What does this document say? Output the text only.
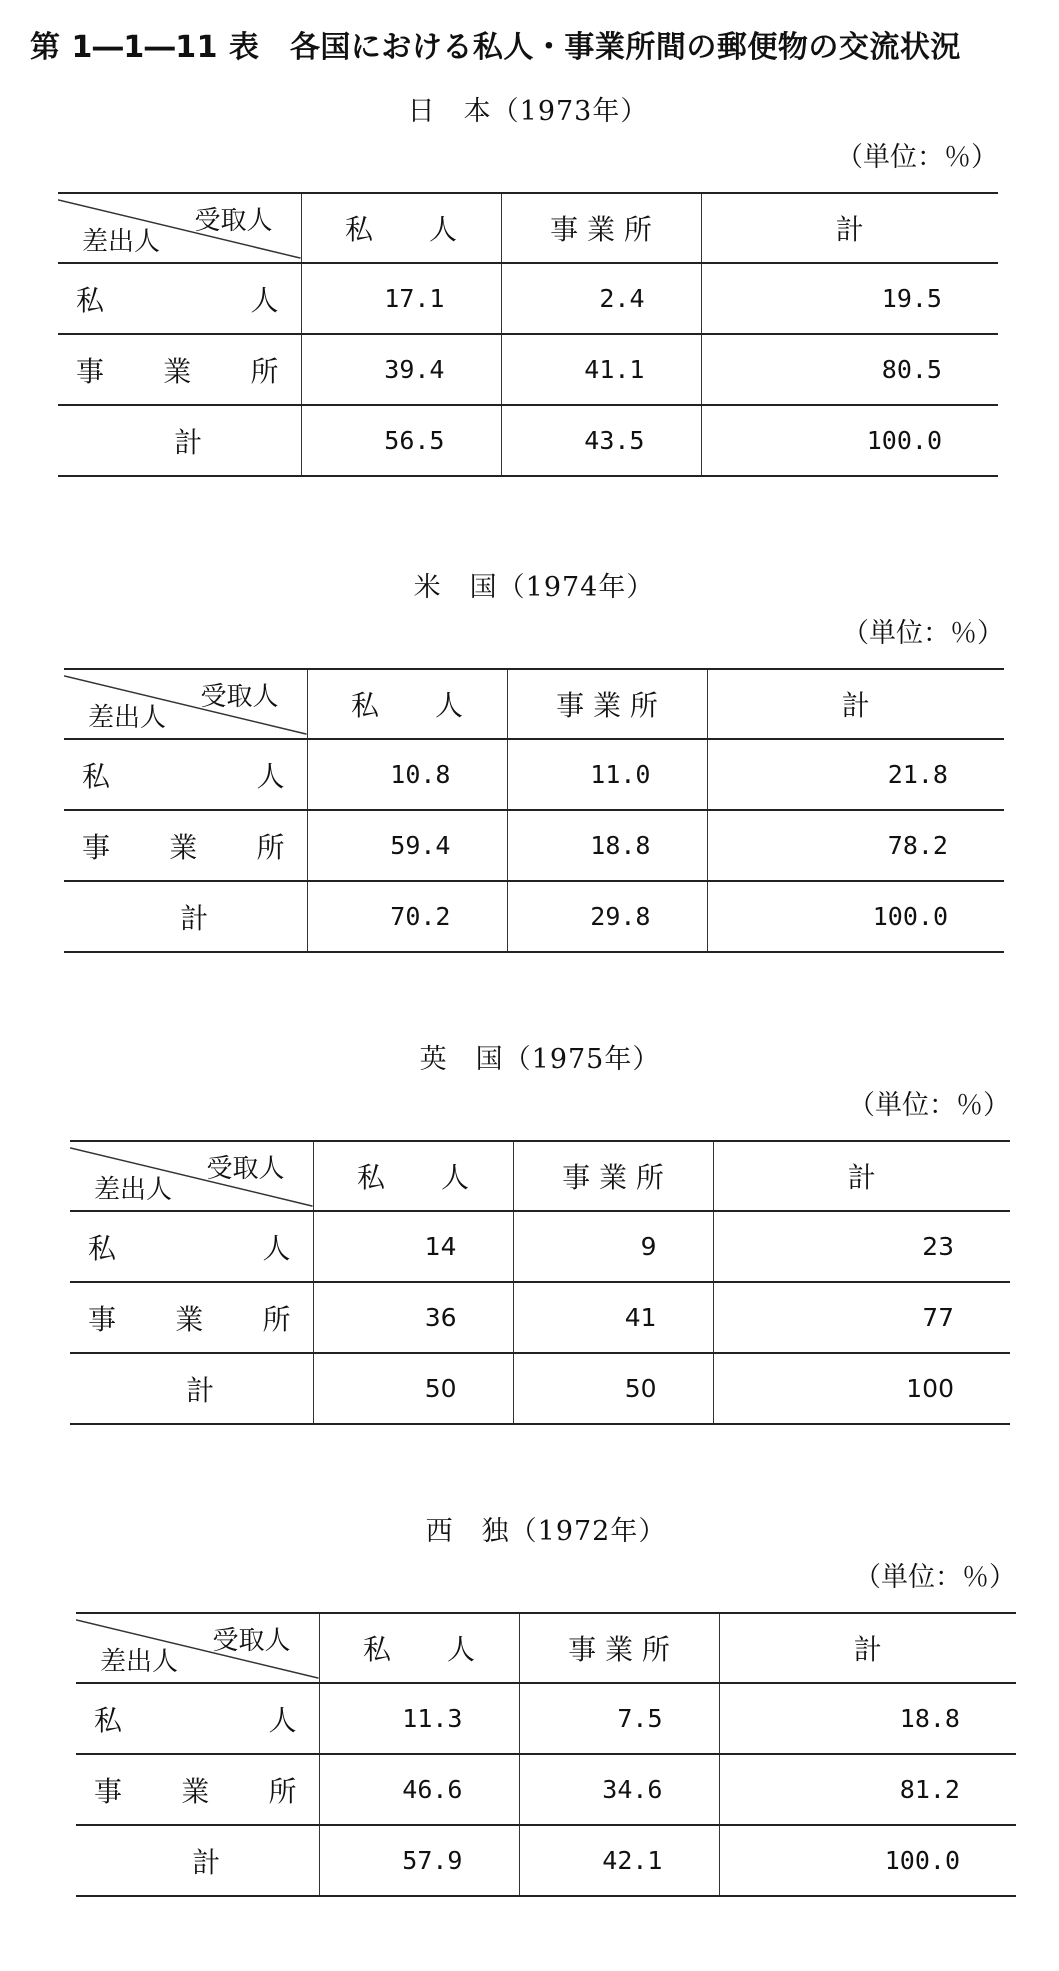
第 1―1―11 表　各国における私人・事業所間の郵便物の交流状況
日　本（1973年）
（単位：％）
受取人
差出人	私　　人	事 業 所	計

私 人	17.1	2.4	19.5

事 業 所	39.4	41.1	80.5
計	56.5	43.5	100.0
米　国（1974年）
（単位：％）
受取人
差出人	私　　人	事 業 所	計

私 人	10.8	11.0	21.8

事 業 所	59.4	18.8	78.2
計	70.2	29.8	100.0
英　国（1975年）
（単位：％）
受取人
差出人	私　　人	事 業 所	計

私 人	14	9	23

事 業 所	36	41	77
計	50	50	100
西　独（1972年）
（単位：％）
受取人
差出人	私　　人	事 業 所	計

私 人	11.3	7.5	18.8

事 業 所	46.6	34.6	81.2
計	57.9	42.1	100.0
